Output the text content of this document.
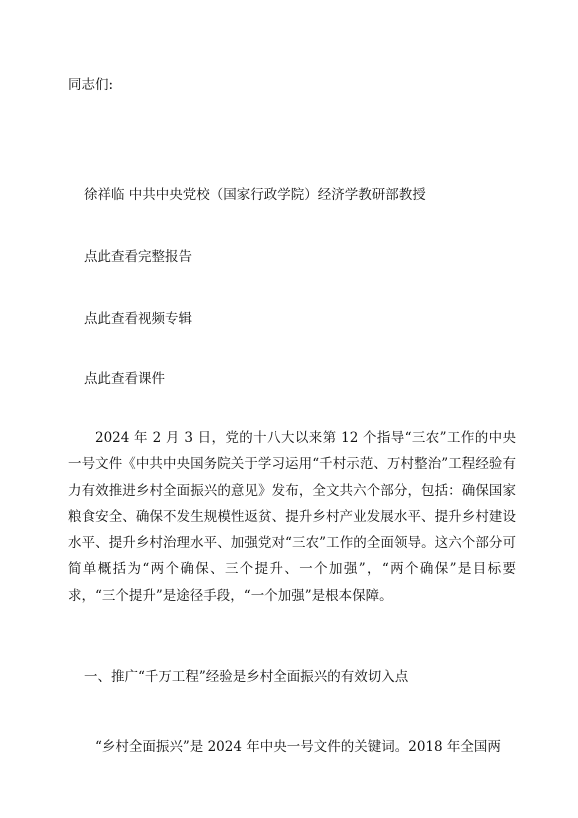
同志们:
徐祥临 中共中央党校（国家行政学院）经济学教研部教授
点此查看完整报告
点此查看视频专辑
点此查看课件
2024 年 2 月 3 日，党的十八大以来第 12 个指导“三农”工作的中央一号文件《中共中央国务院关于学习运用“千村示范、万村整治”工程经验有力有效推进乡村全面振兴的意见》发布，全文共六个部分，包括：确保国家粮食安全、确保不发生规模性返贫、提升乡村产业发展水平、提升乡村建设水平、提升乡村治理水平、加强党对“三农”工作的全面领导。这六个部分可简单概括为“两个确保、三个提升、一个加强”，“两个确保”是目标要求，“三个提升”是途径手段，“一个加强”是根本保障。
一、推广“千万工程”经验是乡村全面振兴的有效切入点
“乡村全面振兴”是 2024 年中央一号文件的关键词。2018 年全国两
